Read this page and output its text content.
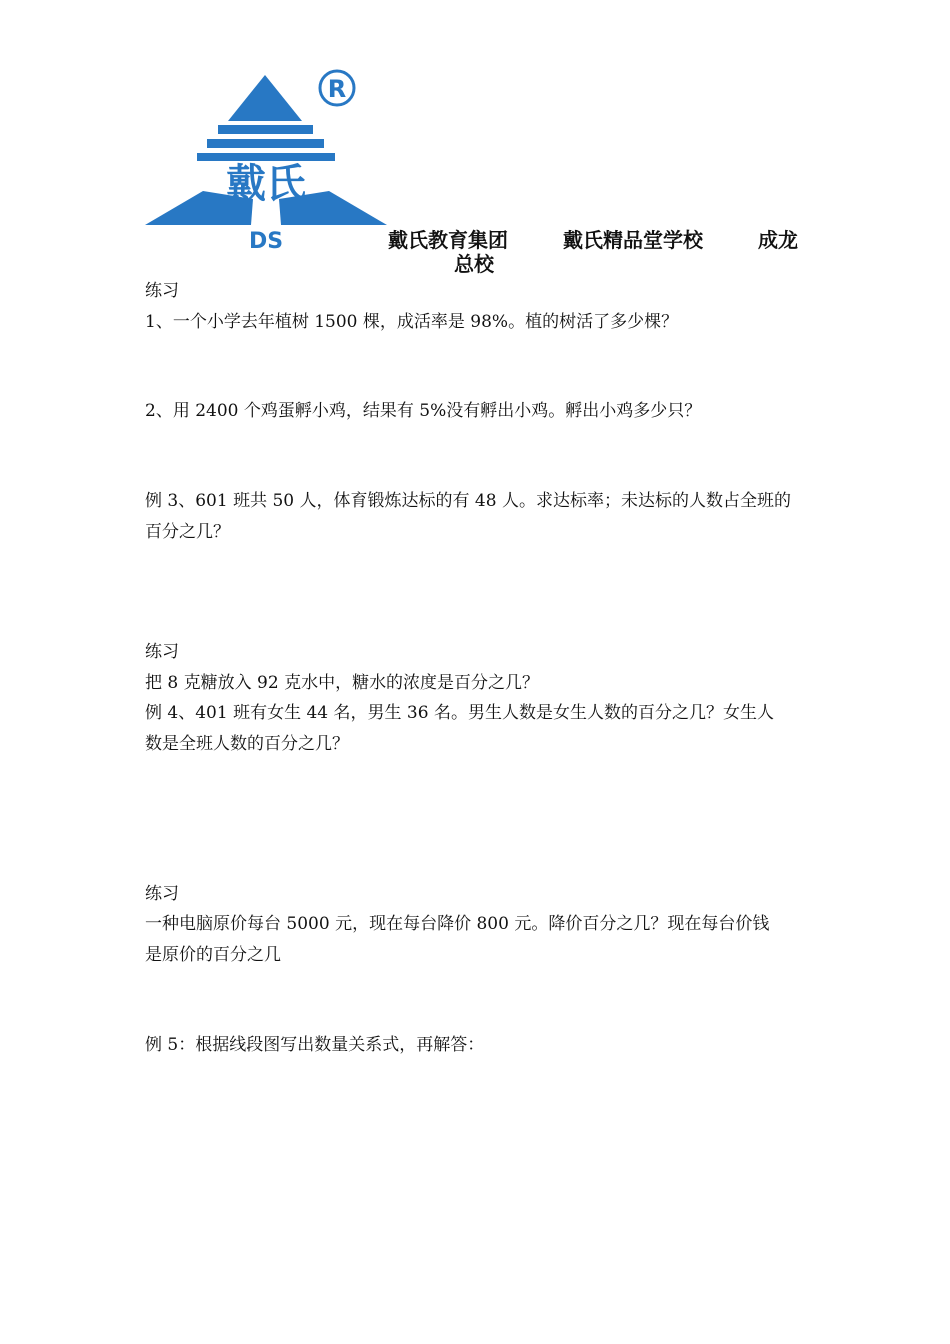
戴氏
DS
R
戴氏教育集团	戴氏精品堂学校	成龙
总校
练习
1、一个小学去年植树 1500 棵，成活率是 98%。植的树活了多少棵？
2、用 2400 个鸡蛋孵小鸡，结果有 5%没有孵出小鸡。孵出小鸡多少只？
例 3、601 班共 50 人，体育锻炼达标的有 48 人。求达标率；未达标的人数占全班的
百分之几？
练习
把 8 克糖放入 92 克水中，糖水的浓度是百分之几？
例 4、401 班有女生 44 名，男生 36 名。男生人数是女生人数的百分之几？女生人
数是全班人数的百分之几？
练习
一种电脑原价每台 5000 元，现在每台降价 800 元。降价百分之几？现在每台价钱
是原价的百分之几
例 5：根据线段图写出数量关系式，再解答：
